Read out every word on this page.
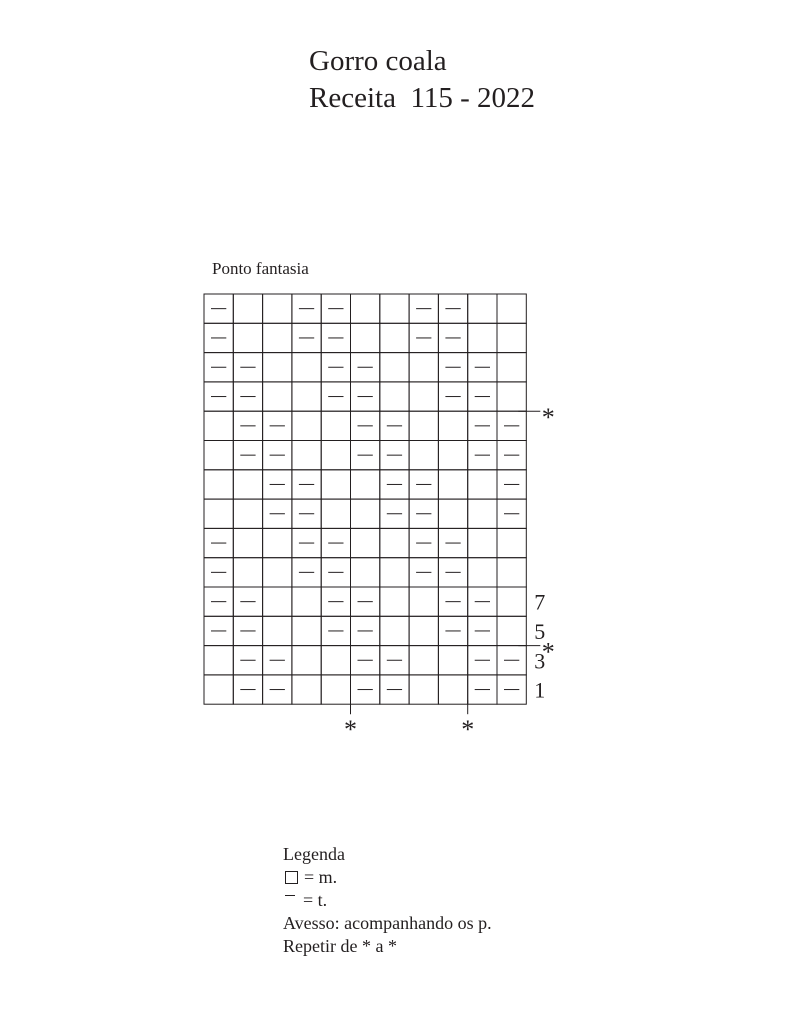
Gorro coala
Receita  115 - 2022
Ponto fantasia
1
3
5
7
*
*
*	*
Legenda
= m.
= t.
Avesso: acompanhando os p.
Repetir de * a *
